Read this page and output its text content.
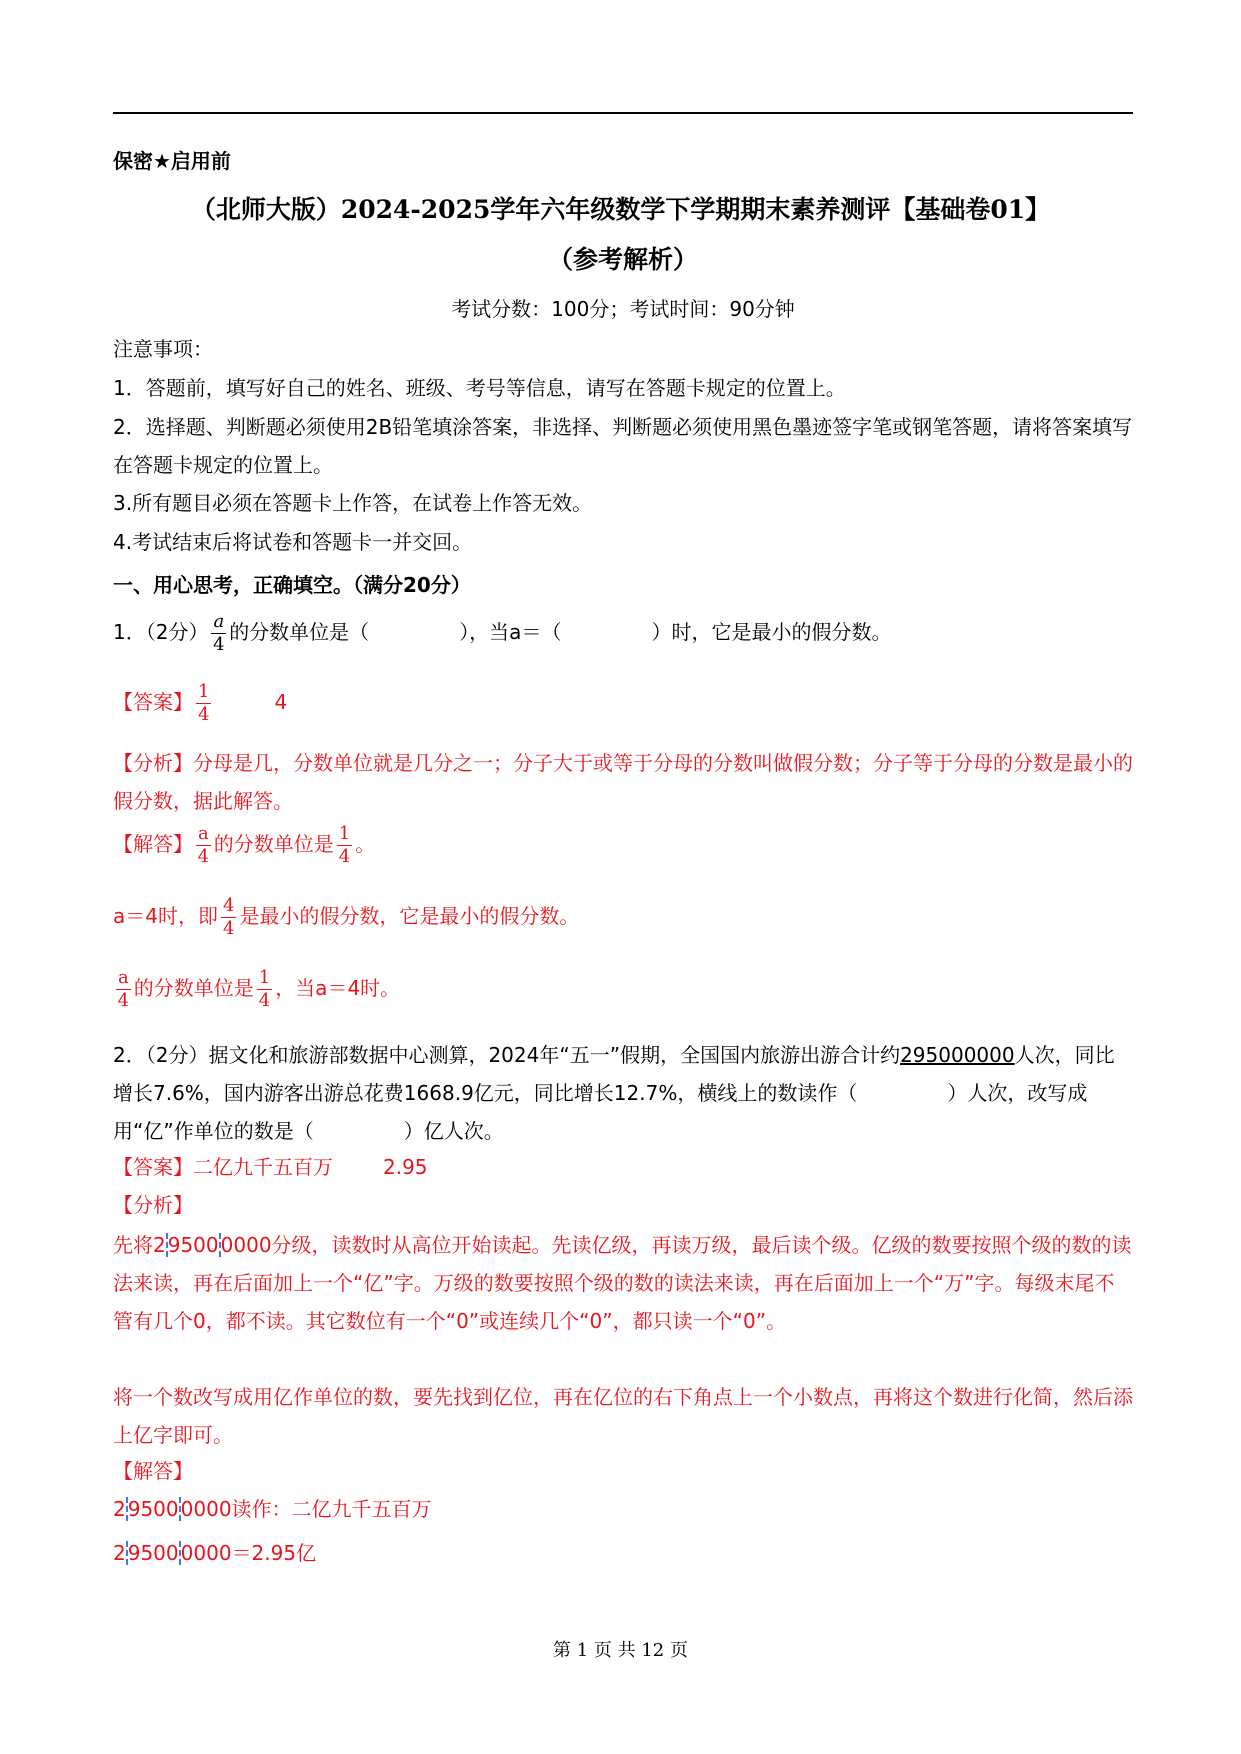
保密★启用前
（北师大版）2024-2025学年六年级数学下学期期末素养测评【基础卷01】
（参考解析）
考试分数：100分；考试时间：90分钟
注意事项：
1．答题前，填写好自己的姓名、班级、考号等信息，请写在答题卡规定的位置上。
2．选择题、判断题必须使用2B铅笔填涂答案，非选择、判断题必须使用黑色墨迹签字笔或钢笔答题，请将答案填写在答题卡规定的位置上。
3.所有题目必须在答题卡上作答，在试卷上作答无效。
4.考试结束后将试卷和答题卡一并交回。
一、用心思考，正确填空。（满分20分）
1．（2分） $\frac{a}{4}$ 的分数单位是（	），当a＝（	）时，它是最小的假分数。
【答案】 $\frac{1}{4}$	4
【分析】分母是几，分数单位就是几分之一；分子大于或等于分母的分数叫做假分数；分子等于分母的分数是最小的假分数，据此解答。
【解答】 $\frac{a}{4}$ 的分数单位是 $\frac{1}{4}$ 。
a＝4时，即 $\frac{4}{4}$ 是最小的假分数，它是最小的假分数。
$\frac{a}{4}$ 的分数单位是 $\frac{1}{4}$ ，当a＝4时。
2．（2分）据文化和旅游部数据中心测算，2024年“五一”假期，全国国内旅游出游合计约295000000人次，同比增长7.6%，国内游客出游总花费1668.9亿元，同比增长12.7%，横线上的数读作（	）人次，改写成用“亿”作单位的数是（	）亿人次。
【答案】二亿九千五百万	2.95
【分析】
先将2 9500 0000分级，读数时从高位开始读起。先读亿级，再读万级，最后读个级。亿级的数要按照个级的数的读法来读，再在后面加上一个“亿”字。万级的数要按照个级的数的读法来读，再在后面加上一个“万”字。每级末尾不管有几个0，都不读。其它数位有一个“0”或连续几个“0”，都只读一个“0”。
将一个数改写成用亿作单位的数，要先找到亿位，再在亿位的右下角点上一个小数点，再将这个数进行化简，然后添上亿字即可。
【解答】
2 9500 0000读作：二亿九千五百万
2 9500 0000＝2.95亿
第 1 页 共 12 页
